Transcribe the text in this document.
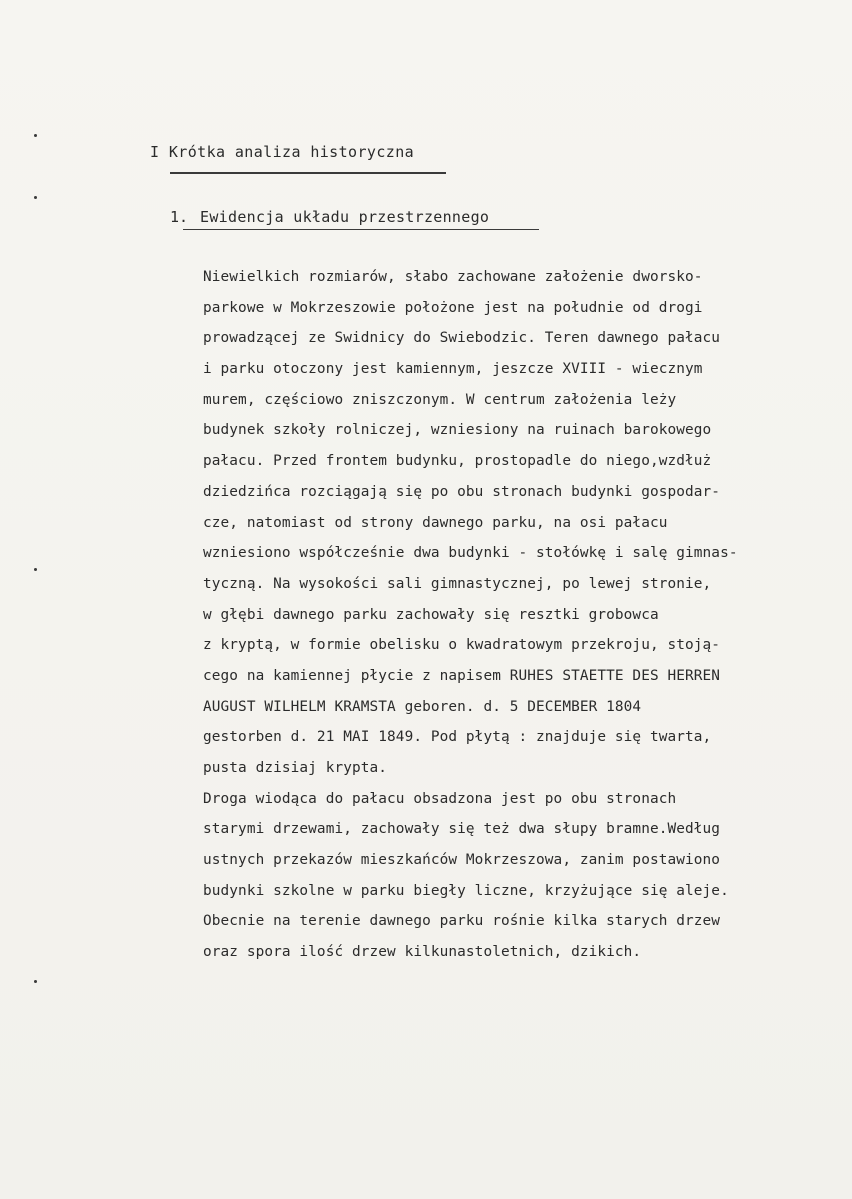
I Krótka analiza historyczna
1. Ewidencja układu przestrzennego
Niewielkich rozmiarów, słabo zachowane założenie dworsko-
parkowe w Mokrzeszowie położone jest na południe od drogi
prowadzącej ze Swidnicy do Swiebodzic. Teren dawnego pałacu
i parku otoczony jest kamiennym, jeszcze XVIII - wiecznym
murem, częściowo zniszczonym. W centrum założenia leży
budynek szkoły rolniczej, wzniesiony na ruinach barokowego
pałacu. Przed frontem budynku, prostopadle do niego,wzdłuż
dziedzińca rozciągają się po obu stronach budynki gospodar-
cze, natomiast od strony dawnego parku, na osi pałacu
wzniesiono współcześnie dwa budynki - stołówkę i salę gimnas-
tyczną. Na wysokości sali gimnastycznej, po lewej stronie,
w głębi dawnego parku zachowały się resztki grobowca
z kryptą, w formie obelisku o kwadratowym przekroju, stoją-
cego na kamiennej płycie z napisem RUHES STAETTE DES HERREN
AUGUST WILHELM KRAMSTA geboren. d. 5 DECEMBER 1804
gestorben d. 21 MAI 1849. Pod płytą : znajduje się twarta,
pusta dzisiaj krypta.
Droga wiodąca do pałacu obsadzona jest po obu stronach
starymi drzewami, zachowały się też dwa słupy bramne.Według
ustnych przekazów mieszkańców Mokrzeszowa, zanim postawiono
budynki szkolne w parku biegły liczne, krzyżujące się aleje.
Obecnie na terenie dawnego parku rośnie kilka starych drzew
oraz spora ilość drzew kilkunastoletnich, dzikich.
